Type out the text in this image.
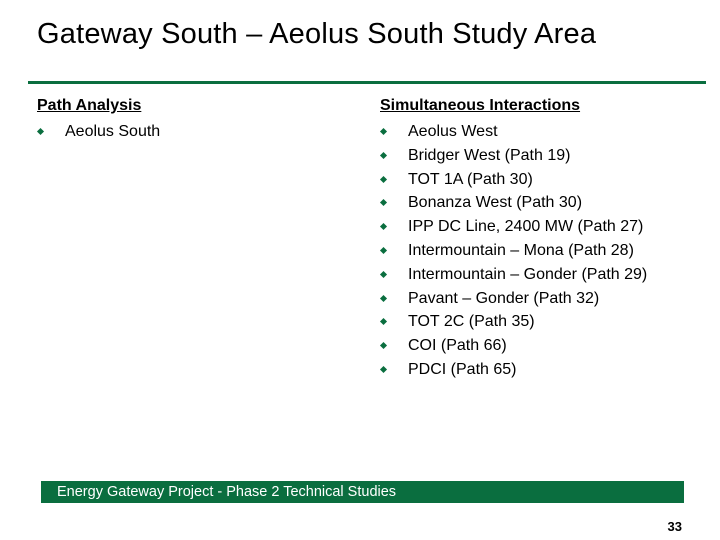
Gateway South – Aeolus South Study Area
Path Analysis
Aeolus South
Simultaneous Interactions
Aeolus West
Bridger West (Path 19)
TOT 1A (Path 30)
Bonanza West (Path 30)
IPP DC Line, 2400 MW (Path 27)
Intermountain – Mona (Path 28)
Intermountain – Gonder (Path 29)
Pavant – Gonder (Path 32)
TOT 2C (Path 35)
COI (Path 66)
PDCI (Path 65)
Energy Gateway Project - Phase 2 Technical Studies
33
